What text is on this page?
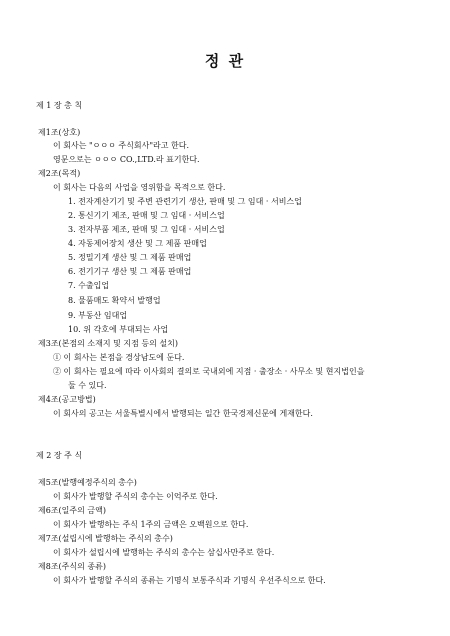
정 관
제 1 장 총 칙
제1조(상호)
이 회사는 "ㅇㅇㅇ 주식회사"라고 한다.
영문으로는 ㅇㅇㅇ CO.,LTD.라 표기한다.
제2조(목적)
이 회사는 다음의 사업을 영위함을 목적으로 한다.
1. 전자계산기기 및 주변 관련기기 생산, 판매 및 그 임대 · 서비스업
2. 통신기기 제조, 판매 및 그 임대 · 서비스업
3. 전자부품 제조, 판매 및 그 임대 · 서비스업
4. 자동제어장치 생산 및 그 제품 판매업
5. 정밀기계 생산 및 그 제품 판매업
6. 전기기구 생산 및 그 제품 판매업
7. 수출입업
8. 물품매도 확약서 발행업
9. 부동산 임대업
10. 위 각호에 부대되는 사업
제3조(본점의 소재지 및 지점 등의 설치)
① 이 회사는 본점을 경상남도에 둔다.
② 이 회사는 필요에 따라 이사회의 결의로 국내외에 지점 · 출장소 · 사무소 및 현지법인을
둘 수 있다.
제4조(공고방법)
이 회사의 공고는 서울특별시에서 발행되는 일간 한국경제신문에 게재한다.
제 2 장 주 식
제5조(발행예정주식의 총수)
이 회사가 발행할 주식의 총수는 이억주로 한다.
제6조(일주의 금액)
이 회사가 발행하는 주식 1주의 금액은 오백원으로 한다.
제7조(설립시에 발행하는 주식의 총수)
이 회사가 설립시에 발행하는 주식의 총수는 삼십사만주로 한다.
제8조(주식의 종류)
이 회사가 발행할 주식의 종류는 기명식 보통주식과 기명식 우선주식으로 한다.
